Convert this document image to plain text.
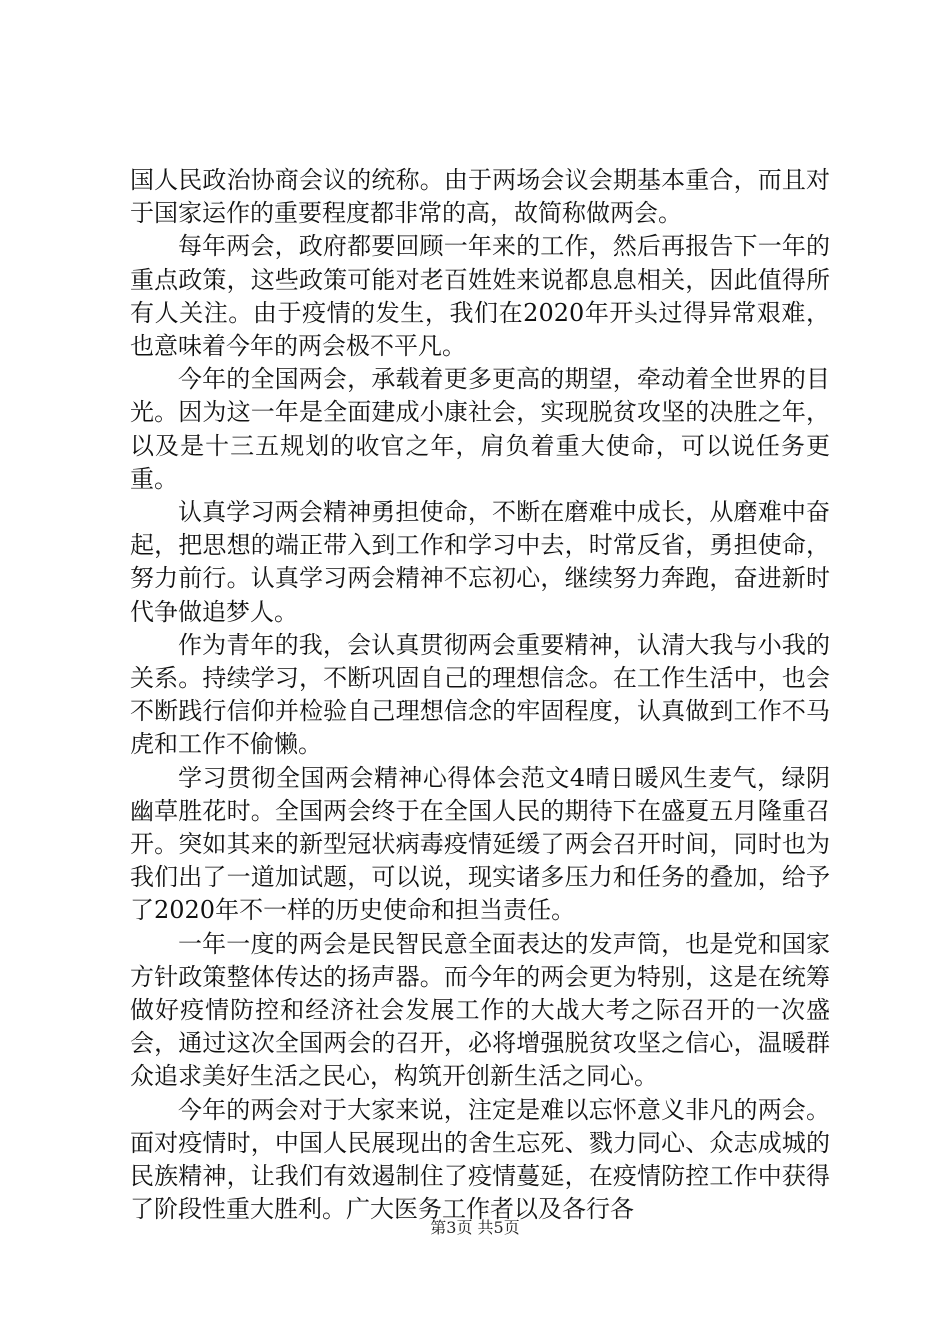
国人民政治协商会议的统称。由于两场会议会期基本重合，而且对于国家运作的重要程度都非常的高，故简称做两会。

每年两会，政府都要回顾一年来的工作，然后再报告下一年的重点政策，这些政策可能对老百姓姓来说都息息相关，因此值得所有人关注。由于疫情的发生，我们在2020年开头过得异常艰难，也意味着今年的两会极不平凡。

今年的全国两会，承载着更多更高的期望，牵动着全世界的目光。因为这一年是全面建成小康社会，实现脱贫攻坚的决胜之年，以及是十三五规划的收官之年，肩负着重大使命，可以说任务更重。

认真学习两会精神勇担使命，不断在磨难中成长，从磨难中奋起，把思想的端正带入到工作和学习中去，时常反省，勇担使命，努力前行。认真学习两会精神不忘初心，继续努力奔跑，奋进新时代争做追梦人。

作为青年的我，会认真贯彻两会重要精神，认清大我与小我的关系。持续学习，不断巩固自己的理想信念。在工作生活中，也会不断践行信仰并检验自己理想信念的牢固程度，认真做到工作不马虎和工作不偷懒。

学习贯彻全国两会精神心得体会范文4晴日暖风生麦气，绿阴幽草胜花时。全国两会终于在全国人民的期待下在盛夏五月隆重召开。突如其来的新型冠状病毒疫情延缓了两会召开时间，同时也为我们出了一道加试题，可以说，现实诸多压力和任务的叠加，给予了2020年不一样的历史使命和担当责任。

一年一度的两会是民智民意全面表达的发声筒，也是党和国家方针政策整体传达的扬声器。而今年的两会更为特别，这是在统筹做好疫情防控和经济社会发展工作的大战大考之际召开的一次盛会，通过这次全国两会的召开，必将增强脱贫攻坚之信心，温暖群众追求美好生活之民心，构筑开创新生活之同心。

今年的两会对于大家来说，注定是难以忘怀意义非凡的两会。面对疫情时，中国人民展现出的舍生忘死、戮力同心、众志成城的民族精神，让我们有效遏制住了疫情蔓延，在疫情防控工作中获得了阶段性重大胜利。广大医务工作者以及各行各

第3页 共5页
